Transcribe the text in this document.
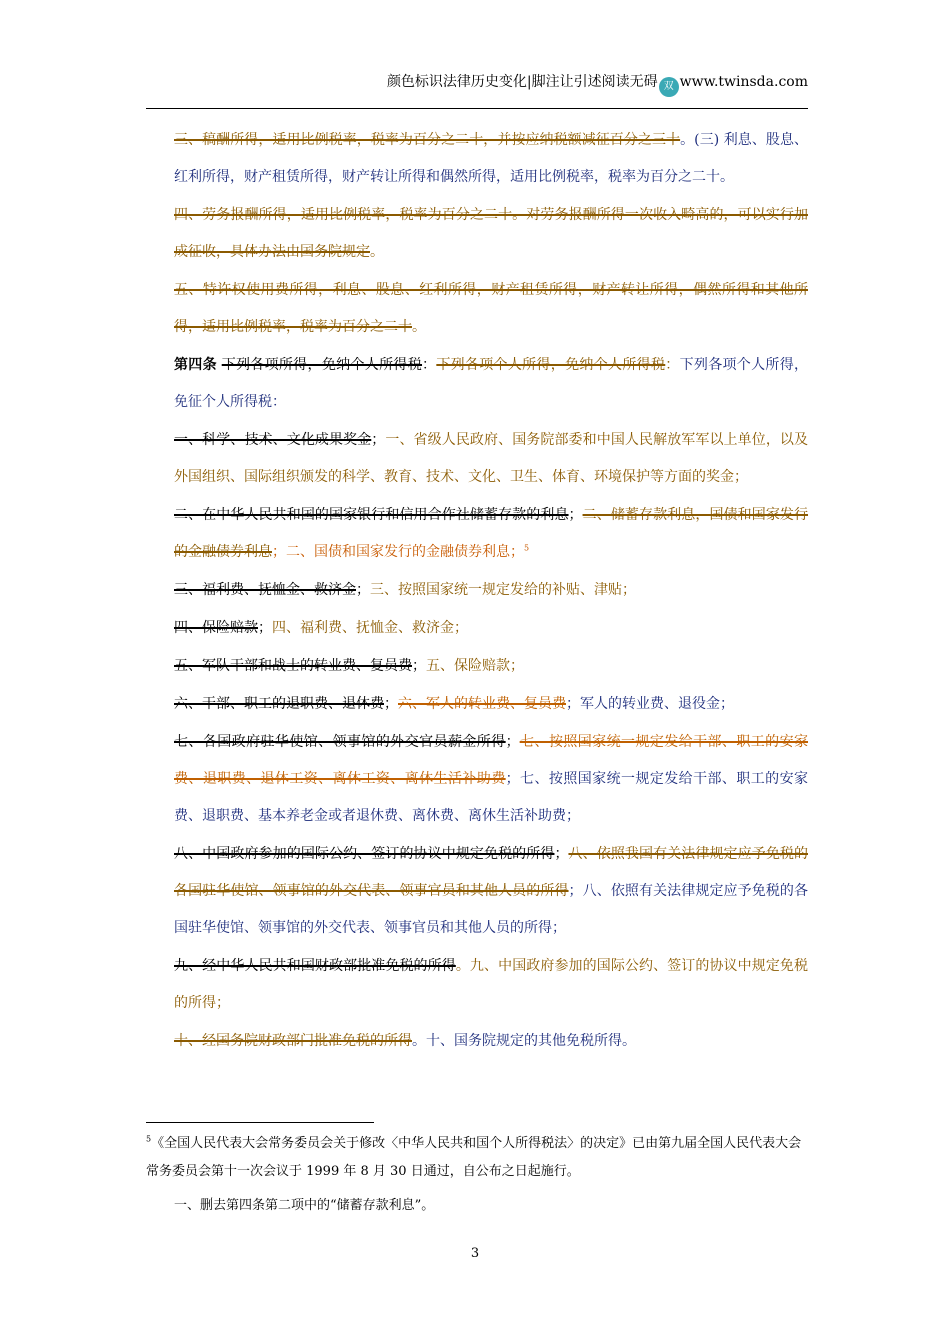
颜色标识法律历史变化|脚注让引述阅读无碍 双 www.twinsda.com

三、稿酬所得，适用比例税率，税率为百分之二十，并按应纳税额减征百分之三十。(三) 利息、股息、红利所得，财产租赁所得，财产转让所得和偶然所得，适用比例税率，税率为百分之二十。

四、劳务报酬所得，适用比例税率，税率为百分之二十。对劳务报酬所得一次收入畸高的，可以实行加成征收，具体办法由国务院规定。

五、特许权使用费所得，利息、股息、红利所得，财产租赁所得，财产转让所得，偶然所得和其他所得，适用比例税率，税率为百分之二十。

第四条 下列各项所得，免纳个人所得税：下列各项个人所得，免纳个人所得税：下列各项个人所得，免征个人所得税：

一、科学、技术、文化成果奖金；一、省级人民政府、国务院部委和中国人民解放军军以上单位，以及外国组织、国际组织颁发的科学、教育、技术、文化、卫生、体育、环境保护等方面的奖金；

二、在中华人民共和国的国家银行和信用合作社储蓄存款的利息；二、储蓄存款利息，国债和国家发行的金融债券利息；二、国债和国家发行的金融债券利息；$^5$

三、福利费、抚恤金、救济金；三、按照国家统一规定发给的补贴、津贴；

四、保险赔款；四、福利费、抚恤金、救济金；

五、军队干部和战士的转业费、复员费；五、保险赔款；

六、干部、职工的退职费、退休费；六、军人的转业费、复员费；军人的转业费、退役金；

七、各国政府驻华使馆、领事馆的外交官员薪金所得；七、按照国家统一规定发给干部、职工的安家费、退职费、退休工资、离休工资、离休生活补助费；七、按照国家统一规定发给干部、职工的安家费、退职费、基本养老金或者退休费、离休费、离休生活补助费；

八、中国政府参加的国际公约、签订的协议中规定免税的所得；八、依照我国有关法律规定应予免税的各国驻华使馆、领事馆的外交代表、领事官员和其他人员的所得；八、依照有关法律规定应予免税的各国驻华使馆、领事馆的外交代表、领事官员和其他人员的所得；

九、经中华人民共和国财政部批准免税的所得。九、中国政府参加的国际公约、签订的协议中规定免税的所得；

十、经国务院财政部门批准免税的所得。十、国务院规定的其他免税所得。

$^5$《全国人民代表大会常务委员会关于修改〈中华人民共和国个人所得税法〉的决定》已由第九届全国人民代表大会常务委员会第十一次会议于 1999 年 8 月 30 日通过，自公布之日起施行。

一、删去第四条第二项中的“储蓄存款利息”。

3
